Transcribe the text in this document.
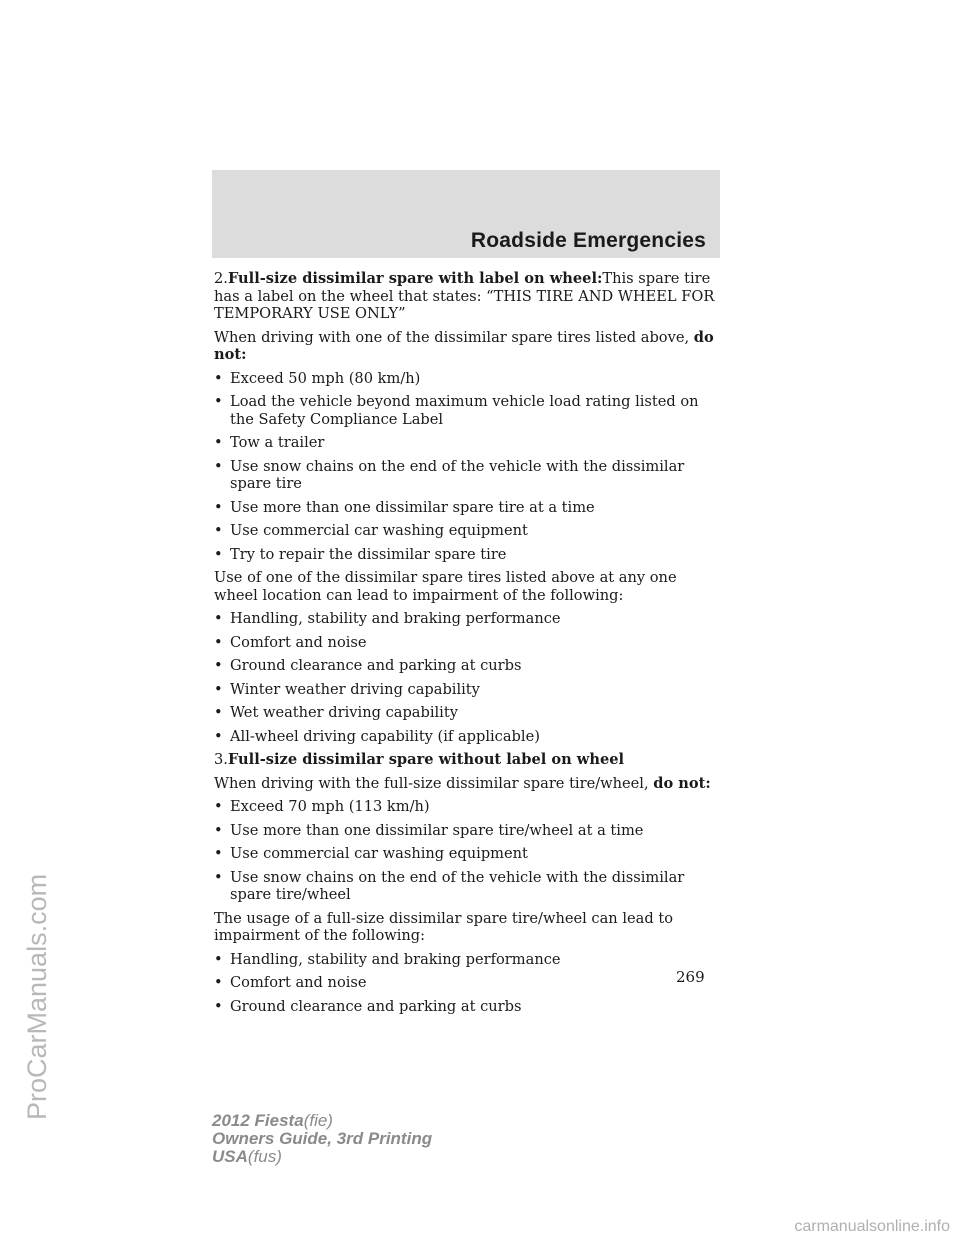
Roadside Emergencies
2.Full-size dissimilar spare with label on wheel:This spare tire has a label on the wheel that states: “THIS TIRE AND WHEEL FOR TEMPORARY USE ONLY”
When driving with one of the dissimilar spare tires listed above, do not:
• Exceed 50 mph (80 km/h)
• Load the vehicle beyond maximum vehicle load rating listed on the Safety Compliance Label
• Tow a trailer
• Use snow chains on the end of the vehicle with the dissimilar spare tire
• Use more than one dissimilar spare tire at a time
• Use commercial car washing equipment
• Try to repair the dissimilar spare tire
Use of one of the dissimilar spare tires listed above at any one wheel location can lead to impairment of the following:
• Handling, stability and braking performance
• Comfort and noise
• Ground clearance and parking at curbs
• Winter weather driving capability
• Wet weather driving capability
• All-wheel driving capability (if applicable)
3.Full-size dissimilar spare without label on wheel
When driving with the full-size dissimilar spare tire/wheel, do not:
• Exceed 70 mph (113 km/h)
• Use more than one dissimilar spare tire/wheel at a time
• Use commercial car washing equipment
• Use snow chains on the end of the vehicle with the dissimilar spare tire/wheel
The usage of a full-size dissimilar spare tire/wheel can lead to impairment of the following:
• Handling, stability and braking performance
• Comfort and noise
• Ground clearance and parking at curbs
269
2012 Fiesta(fie)
Owners Guide, 3rd Printing
USA(fus)
ProCarManuals.com
carmanualsonline.info
